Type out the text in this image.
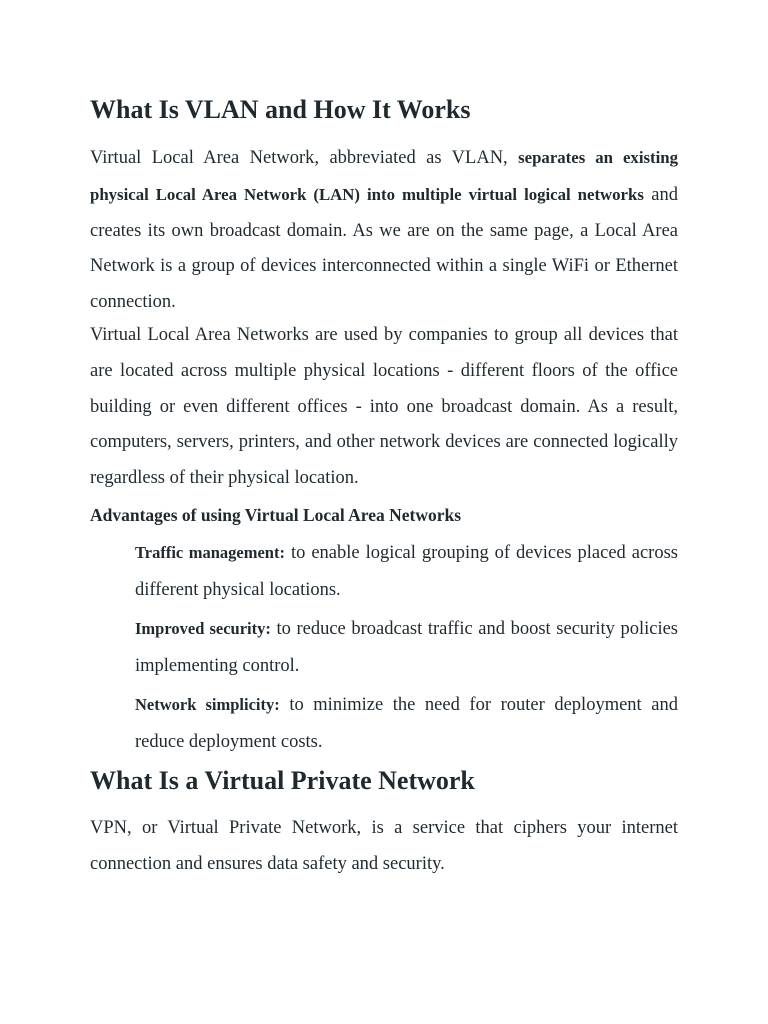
What Is VLAN and How It Works

Virtual Local Area Network, abbreviated as VLAN, separates an existing physical Local Area Network (LAN) into multiple virtual logical networks and creates its own broadcast domain. As we are on the same page, a Local Area Network is a group of devices interconnected within a single WiFi or Ethernet connection.

Virtual Local Area Networks are used by companies to group all devices that are located across multiple physical locations - different floors of the office building or even different offices - into one broadcast domain. As a result, computers, servers, printers, and other network devices are connected logically regardless of their physical location.

Advantages of using Virtual Local Area Networks
Traffic management: to enable logical grouping of devices placed across different physical locations.
Improved security: to reduce broadcast traffic and boost security policies implementing control.
Network simplicity: to minimize the need for router deployment and reduce deployment costs.
What Is a Virtual Private Network

VPN, or Virtual Private Network, is a service that ciphers your internet connection and ensures data safety and security.
